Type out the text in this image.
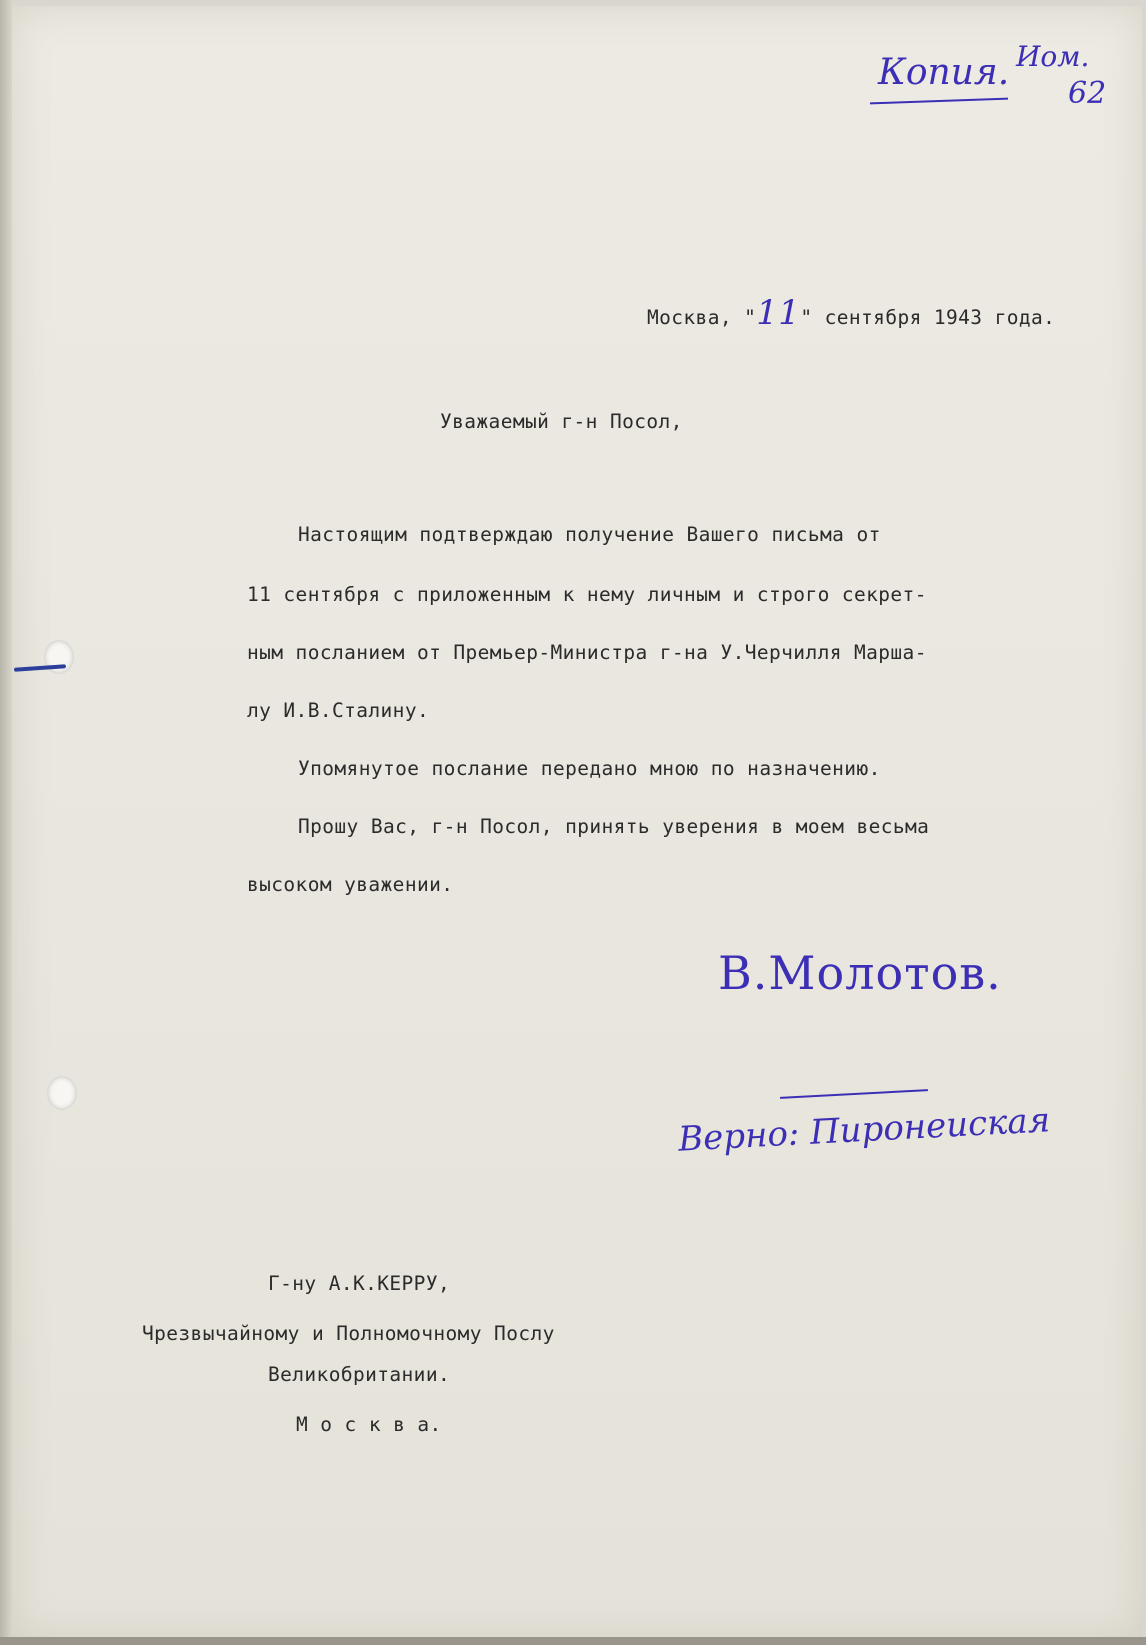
Копия. Иом.
62
Москва, "11" сентября 1943 года.
Уважаемый г-н Посол,
Настоящим подтверждаю получение Вашего письма от
11 сентября с приложенным к нему личным и строго секрет-
ным посланием от Премьер-Министра г-на У.Черчилля Марша-
лу И.В.Сталину.
Упомянутое послание передано мною по назначению.
Прошу Вас, г-н Посол, принять уверения в моем весьма
высоком уважении.
В.Молотов.
Верно: Пиронеиская
Г-ну А.К.КЕРРУ,
Чрезвычайному и Полномочному Послу
Великобритании.
М о с к в а.
